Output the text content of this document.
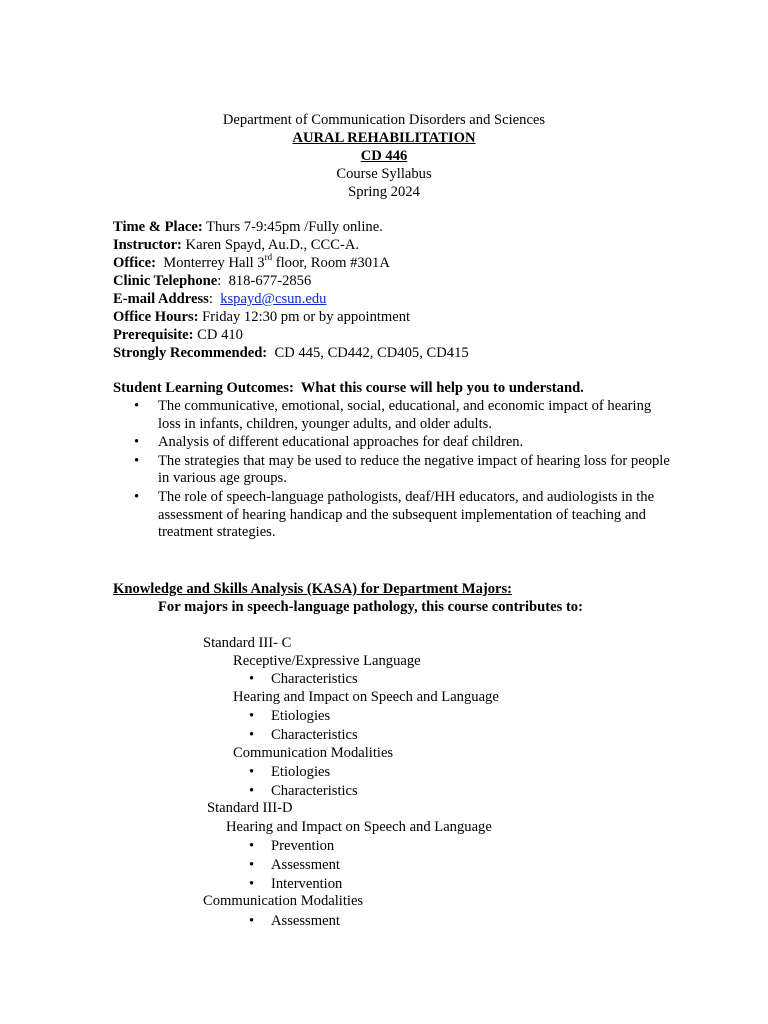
Department of Communication Disorders and Sciences
AURAL REHABILITATION
CD 446
Course Syllabus
Spring 2024
Time & Place: Thurs 7-9:45pm /Fully online.
Instructor: Karen Spayd, Au.D., CCC-A.
Office:  Monterrey Hall 3rd floor, Room #301A
Clinic Telephone:  818-677-2856
E-mail Address:  kspayd@csun.edu
Office Hours: Friday 12:30 pm or by appointment
Prerequisite: CD 410
Strongly Recommended:  CD 445, CD442, CD405, CD415
Student Learning Outcomes:  What this course will help you to understand.
• The communicative, emotional, social, educational, and economic impact of hearing loss in infants, children, younger adults, and older adults.
• Analysis of different educational approaches for deaf children.
• The strategies that may be used to reduce the negative impact of hearing loss for people in various age groups.
• The role of speech-language pathologists, deaf/HH educators, and audiologists in the assessment of hearing handicap and the subsequent implementation of teaching and treatment strategies.
Knowledge and Skills Analysis (KASA) for Department Majors:
For majors in speech-language pathology, this course contributes to:
Standard III- C
Receptive/Expressive Language
• Characteristics
Hearing and Impact on Speech and Language
• Etiologies
• Characteristics
Communication Modalities
• Etiologies
• Characteristics
Standard III-D
Hearing and Impact on Speech and Language
• Prevention
• Assessment
• Intervention
Communication Modalities
• Assessment
